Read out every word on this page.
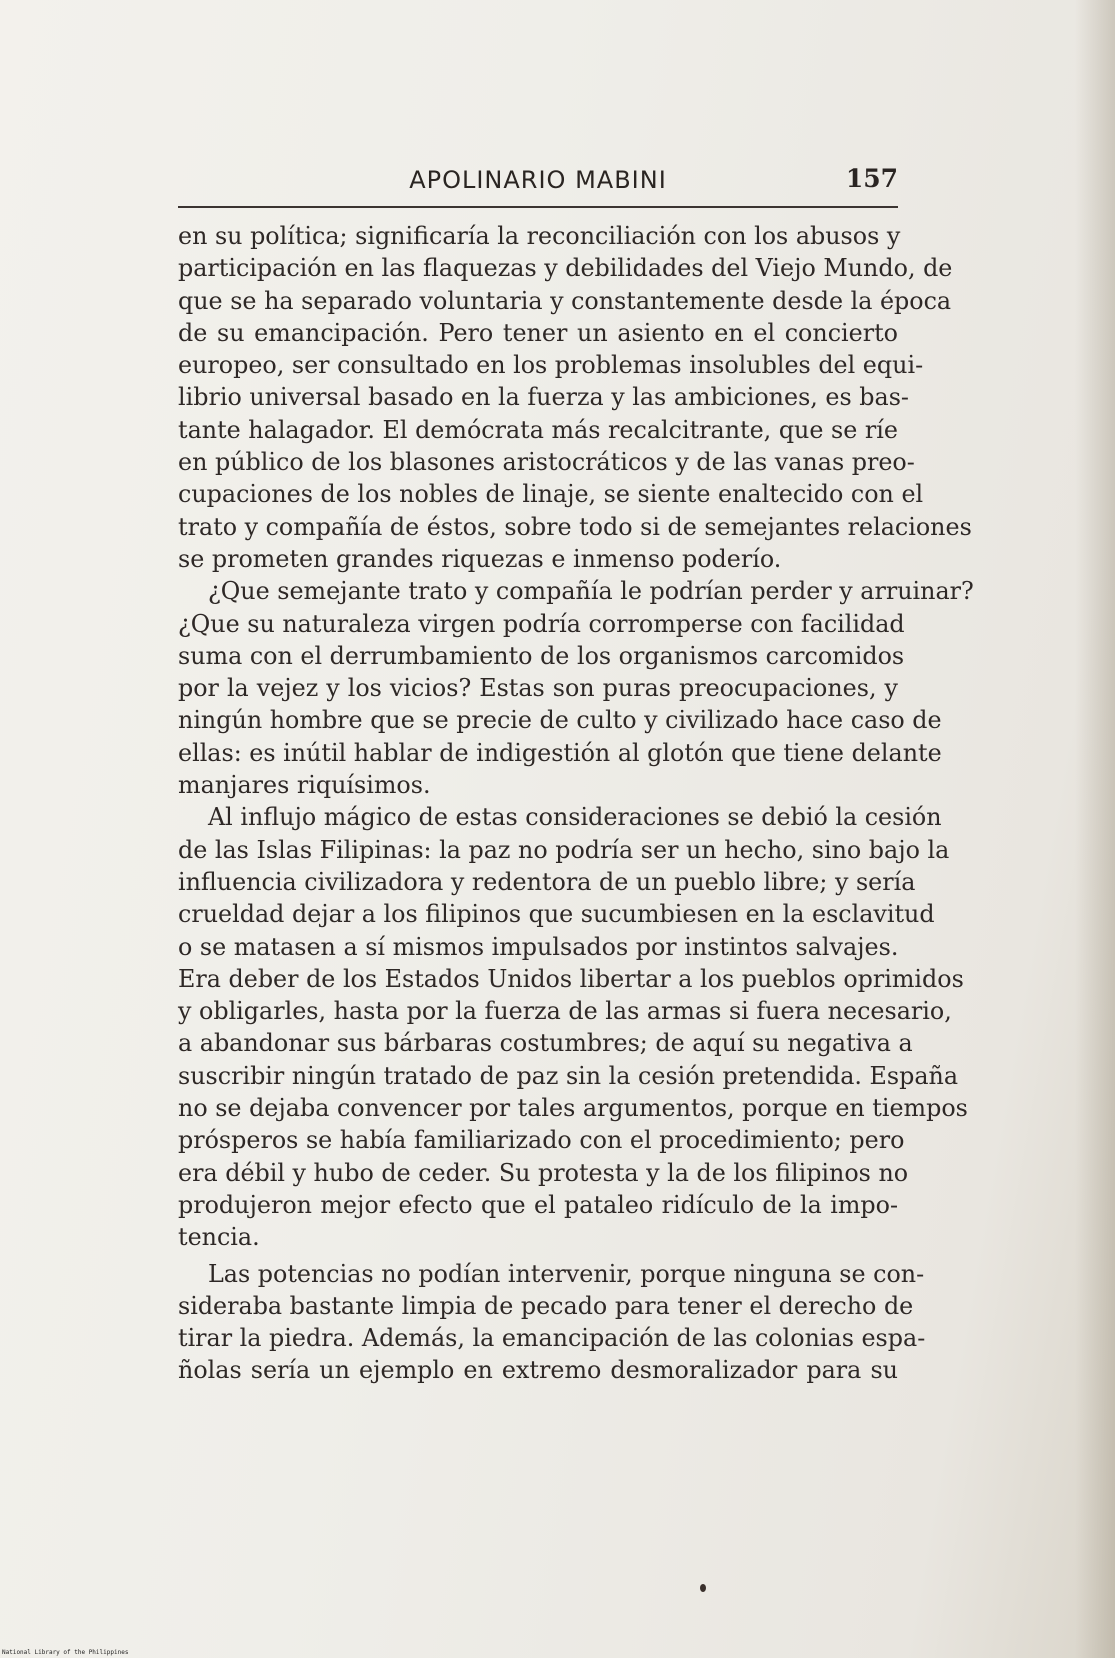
APOLINARIO MABINI	157
en su política; significaría la reconciliación con los abusos y
participación en las flaquezas y debilidades del Viejo Mundo, de
que se ha separado voluntaria y constantemente desde la época
de su emancipación. Pero tener un asiento en el concierto
europeo, ser consultado en los problemas insolubles del equi-
librio universal basado en la fuerza y las ambiciones, es bas-
tante halagador. El demócrata más recalcitrante, que se ríe
en público de los blasones aristocráticos y de las vanas preo-
cupaciones de los nobles de linaje, se siente enaltecido con el
trato y compañía de éstos, sobre todo si de semejantes relaciones
se prometen grandes riquezas e inmenso poderío.
¿Que semejante trato y compañía le podrían perder y arruinar?
¿Que su naturaleza virgen podría corromperse con facilidad
suma con el derrumbamiento de los organismos carcomidos
por la vejez y los vicios? Estas son puras preocupaciones, y
ningún hombre que se precie de culto y civilizado hace caso de
ellas: es inútil hablar de indigestión al glotón que tiene delante
manjares riquísimos.
Al influjo mágico de estas consideraciones se debió la cesión
de las Islas Filipinas: la paz no podría ser un hecho, sino bajo la
influencia civilizadora y redentora de un pueblo libre; y sería
crueldad dejar a los filipinos que sucumbiesen en la esclavitud
o se matasen a sí mismos impulsados por instintos salvajes.
Era deber de los Estados Unidos libertar a los pueblos oprimidos
y obligarles, hasta por la fuerza de las armas si fuera necesario,
a abandonar sus bárbaras costumbres; de aquí su negativa a
suscribir ningún tratado de paz sin la cesión pretendida. España
no se dejaba convencer por tales argumentos, porque en tiempos
prósperos se había familiarizado con el procedimiento; pero
era débil y hubo de ceder. Su protesta y la de los filipinos no
produjeron mejor efecto que el pataleo ridículo de la impo-
tencia.
Las potencias no podían intervenir, porque ninguna se con-
sideraba bastante limpia de pecado para tener el derecho de
tirar la piedra. Además, la emancipación de las colonias espa-
ñolas sería un ejemplo en extremo desmoralizador para su
National Library of the Philippines
